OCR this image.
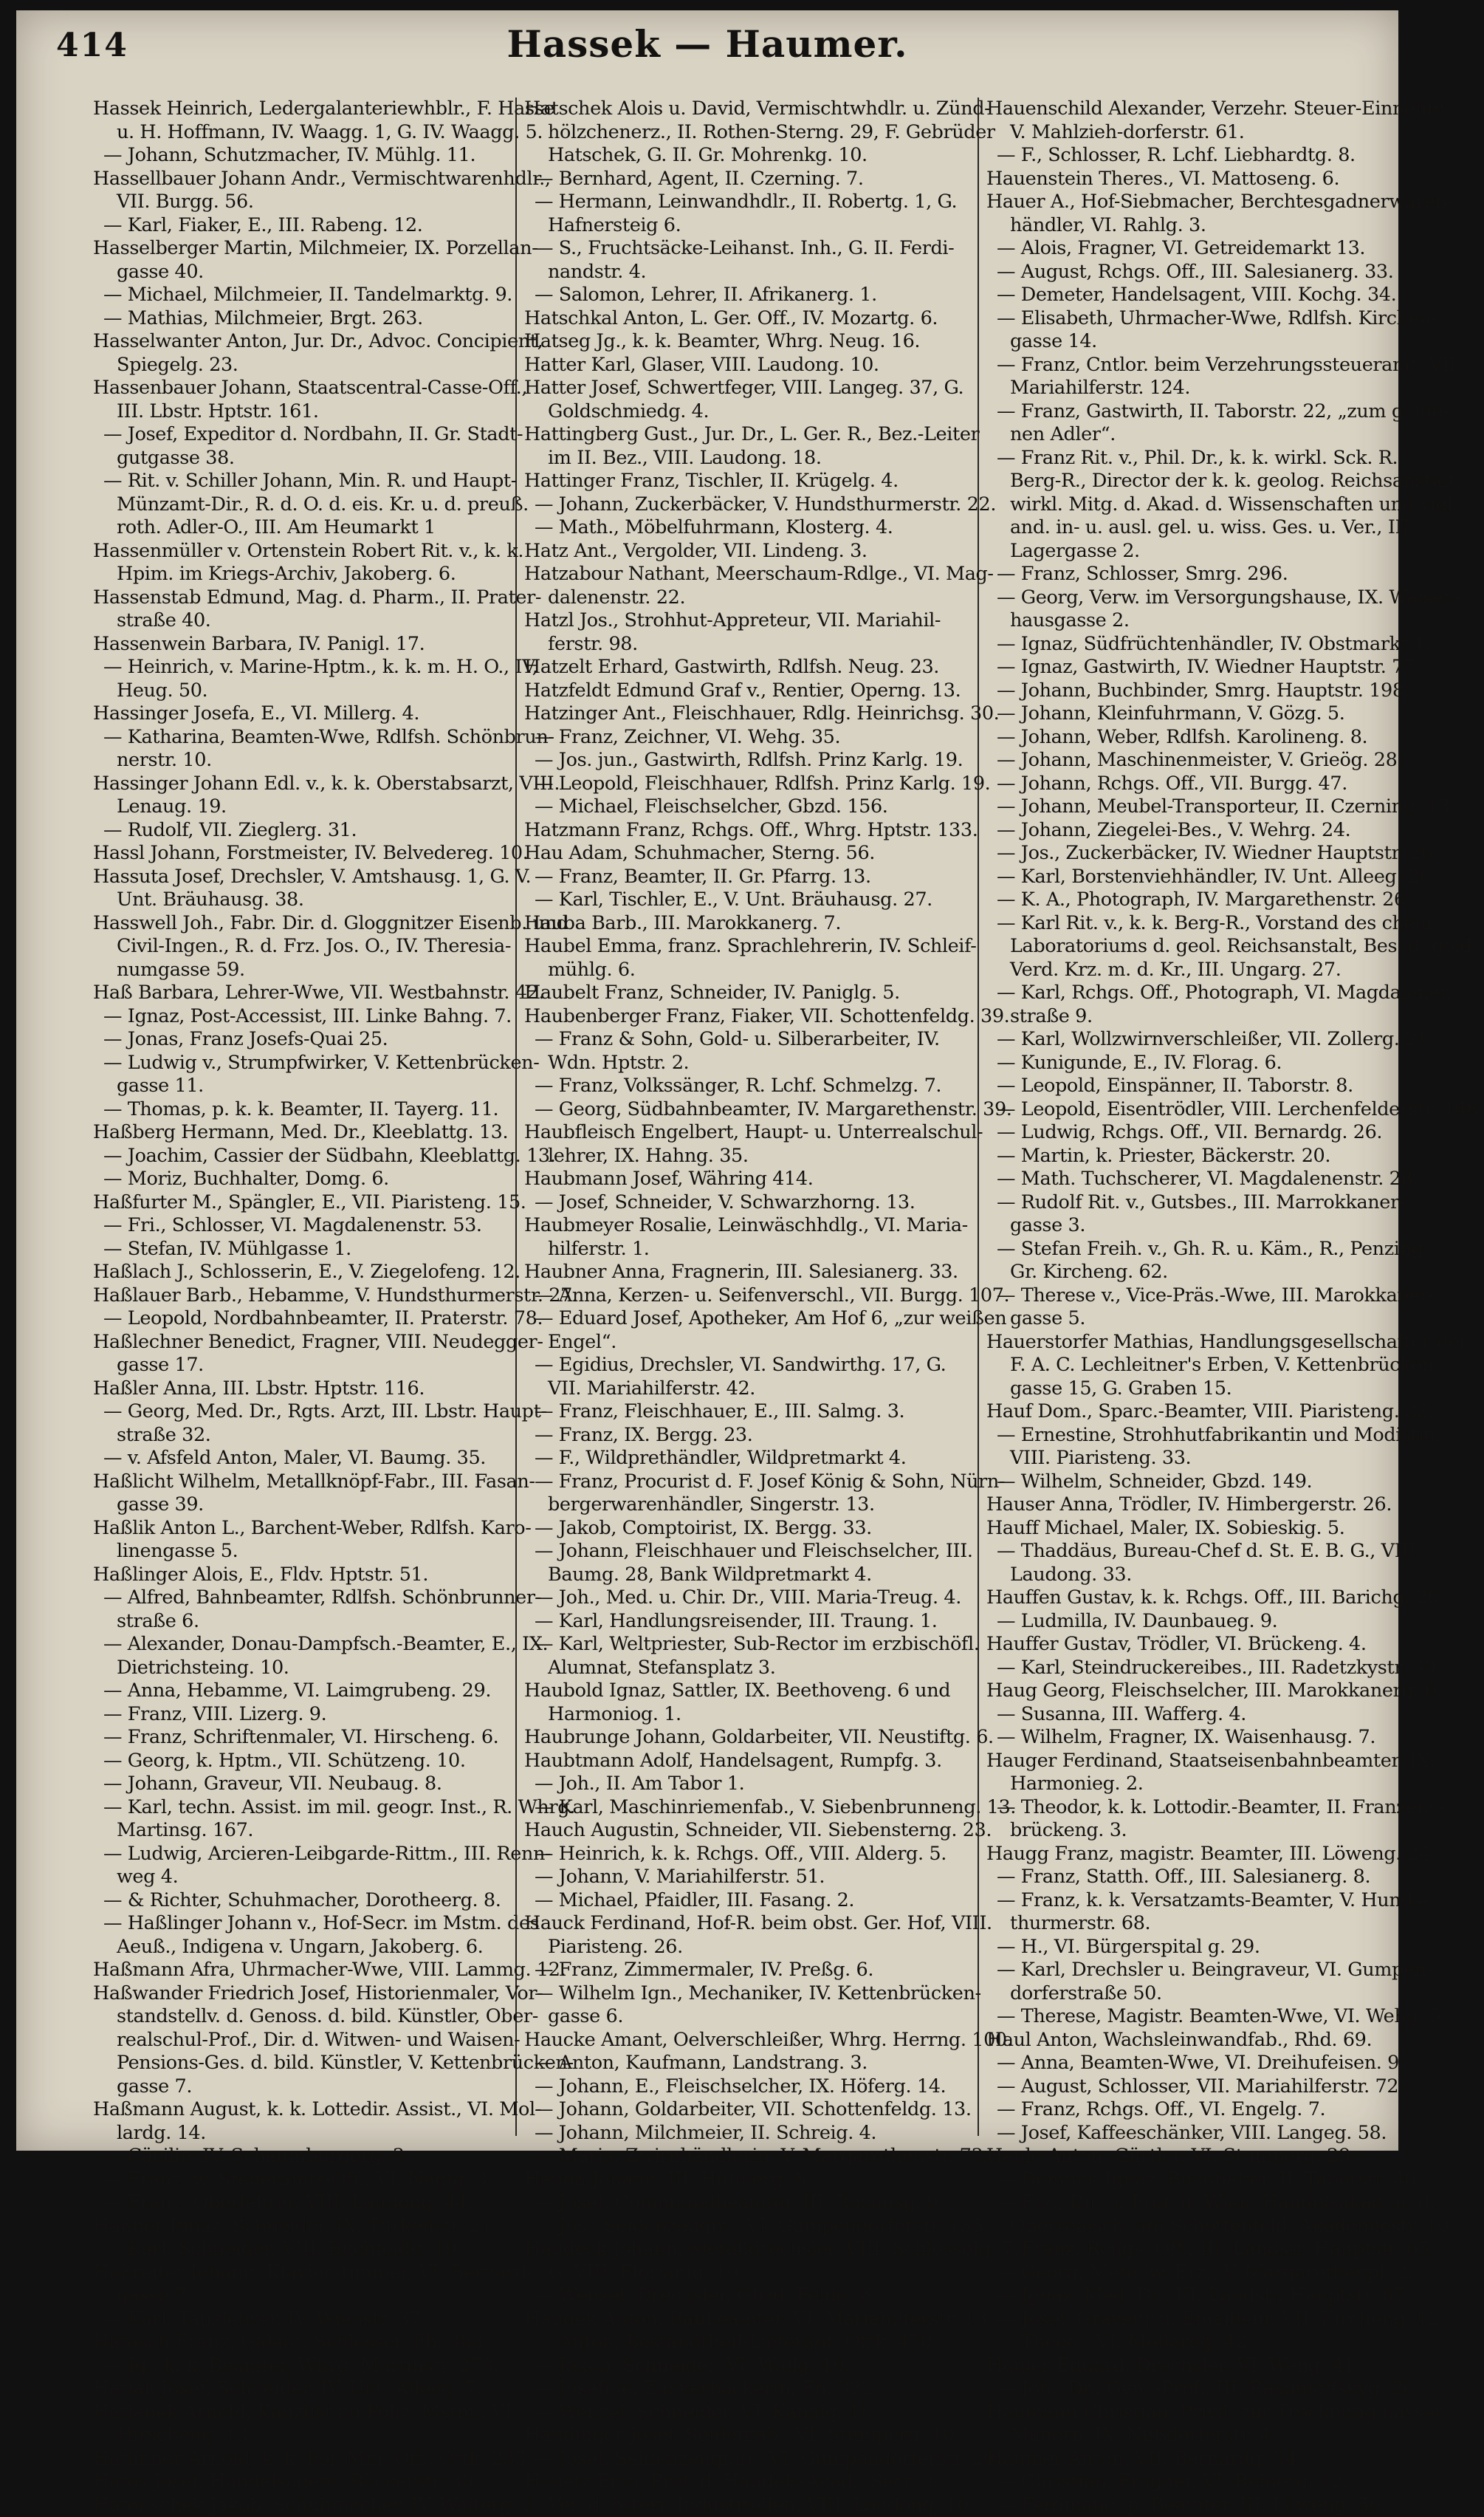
414	Hassek — Haumer.
Hassek Heinrich, Ledergalanteriewhblr., F. Hasse
u. H. Hoffmann, IV. Waagg. 1, G. IV. Waagg. 5.
— Johann, Schutzmacher, IV. Mühlg. 11.
Hassellbauer Johann Andr., Vermischtwarenhdlr.,
VII. Burgg. 56.
— Karl, Fiaker, E., III. Rabeng. 12.
Hasselberger Martin, Milchmeier, IX. Porzellan-
gasse 40.
— Michael, Milchmeier, II. Tandelmarktg. 9.
— Mathias, Milchmeier, Brgt. 263.
Hasselwanter Anton, Jur. Dr., Advoc. Concipient,
Spiegelg. 23.
Hassenbauer Johann, Staatscentral-Casse-Off.,
III. Lbstr. Hptstr. 161.
— Josef, Expeditor d. Nordbahn, II. Gr. Stadt-
gutgasse 38.
— Rit. v. Schiller Johann, Min. R. und Haupt-
Münzamt-Dir., R. d. O. d. eis. Kr. u. d. preuß.
roth. Adler-O., III. Am Heumarkt 1
Hassenmüller v. Ortenstein Robert Rit. v., k. k.
Hpim. im Kriegs-Archiv, Jakoberg. 6.
Hassenstab Edmund, Mag. d. Pharm., II. Prater-
straße 40.
Hassenwein Barbara, IV. Panigl. 17.
— Heinrich, v. Marine-Hptm., k. k. m. H. O., IV,
Heug. 50.
Hassinger Josefa, E., VI. Millerg. 4.
— Katharina, Beamten-Wwe, Rdlfsh. Schönbrun-
nerstr. 10.
Hassinger Johann Edl. v., k. k. Oberstabsarzt, VIII.
Lenaug. 19.
— Rudolf, VII. Zieglerg. 31.
Hassl Johann, Forstmeister, IV. Belvedereg. 10.
Hassuta Josef, Drechsler, V. Amtshausg. 1, G. V.
Unt. Bräuhausg. 38.
Hasswell Joh., Fabr. Dir. d. Gloggnitzer Eisenb. und
Civil-Ingen., R. d. Frz. Jos. O., IV. Theresia-
numgasse 59.
Haß Barbara, Lehrer-Wwe, VII. Westbahnstr. 42.
— Ignaz, Post-Accessist, III. Linke Bahng. 7.
— Jonas, Franz Josefs-Quai 25.
— Ludwig v., Strumpfwirker, V. Kettenbrücken-
gasse 11.
— Thomas, p. k. k. Beamter, II. Tayerg. 11.
Haßberg Hermann, Med. Dr., Kleeblattg. 13.
— Joachim, Cassier der Südbahn, Kleeblattg. 13.
— Moriz, Buchhalter, Domg. 6.
Haßfurter M., Spängler, E., VII. Piaristeng. 15.
— Fri., Schlosser, VI. Magdalenenstr. 53.
— Stefan, IV. Mühlgasse 1.
Haßlach J., Schlosserin, E., V. Ziegelofeng. 12.
Haßlauer Barb., Hebamme, V. Hundsthurmerstr. 27.
— Leopold, Nordbahnbeamter, II. Praterstr. 78.
Haßlechner Benedict, Fragner, VIII. Neudegger-
gasse 17.
Haßler Anna, III. Lbstr. Hptstr. 116.
— Georg, Med. Dr., Rgts. Arzt, III. Lbstr. Haupt-
straße 32.
— v. Afsfeld Anton, Maler, VI. Baumg. 35.
Haßlicht Wilhelm, Metallknöpf-Fabr., III. Fasan-
gasse 39.
Haßlik Anton L., Barchent-Weber, Rdlfsh. Karo-
linengasse 5.
Haßlinger Alois, E., Fldv. Hptstr. 51.
— Alfred, Bahnbeamter, Rdlfsh. Schönbrunner-
straße 6.
— Alexander, Donau-Dampfsch.-Beamter, E., IX.
Dietrichsteing. 10.
— Anna, Hebamme, VI. Laimgrubeng. 29.
— Franz, VIII. Lizerg. 9.
— Franz, Schriftenmaler, VI. Hirscheng. 6.
— Georg, k. Hptm., VII. Schützeng. 10.
— Johann, Graveur, VII. Neubaug. 8.
— Karl, techn. Assist. im mil. geogr. Inst., R. Whrg.
Martinsg. 167.
— Ludwig, Arcieren-Leibgarde-Rittm., III. Renn-
weg 4.
— & Richter, Schuhmacher, Dorotheerg. 8.
— Haßlinger Johann v., Hof-Secr. im Mstm. des
Aeuß., Indigena v. Ungarn, Jakoberg. 6.
Haßmann Afra, Uhrmacher-Wwe, VIII. Lammg. 12.
Haßwander Friedrich Josef, Historienmaler, Vor-
standstellv. d. Genoss. d. bild. Künstler, Ober-
realschul-Prof., Dir. d. Witwen- und Waisen-
Pensions-Ges. d. bild. Künstler, V. Kettenbrücken-
gasse 7.
Haßmann August, k. k. Lottedir. Assist., VI. Mol-
lardg. 14.
— Cäcilie, IV. Schaumburgerg. 3.
— Franz, w. Steueramts-Off., VI. Naglg. 3.
— Franz, Oberlehrer, VIII. Laudong. 44.
Haßner Ignaz, Schneider, IX. Türkenstr. 21.
— Karl, Schneider, VIII. Buchfeldg. 19.
Haßreiter Johann, Klavierstimmer, VI. Bernard-
gasse 7.
— Karl, Tanzlehrer, IV. Wienstr. 37.
Hatasch Franz, Galant. Schlosser, Fh. 383.
— Ig., k. k. Beamter, Whrg. Martinstr. 273.
Hatlak Josef, Schneider, IV. Unt. Alleeg. 7.
Hatlanek Arnold, Kanzlist im Poliz. Mstm., VI.
Hirscheng. 13.
Hatlinner Arnold, k. k. Pol. Min. Off., Ottk. 233.
Hatos Josef, Handelsagent, Bäckerstr. 30.
Hatonschek Jakob, Schuhmacher, IV. Walterg. 3.
Hatschek Alois u. David, Vermischtwhdlr. u. Zünd-
hölzchenerz., II. Rothen-Sterng. 29, F. Gebrüder
Hatschek, G. II. Gr. Mohrenkg. 10.
— Bernhard, Agent, II. Czerning. 7.
— Hermann, Leinwandhdlr., II. Robertg. 1, G.
Hafnersteig 6.
— S., Fruchtsäcke-Leihanst. Inh., G. II. Ferdi-
nandstr. 4.
— Salomon, Lehrer, II. Afrikanerg. 1.
Hatschkal Anton, L. Ger. Off., IV. Mozartg. 6.
Hatseg Jg., k. k. Beamter, Whrg. Neug. 16.
Hatter Karl, Glaser, VIII. Laudong. 10.
Hatter Josef, Schwertfeger, VIII. Langeg. 37, G.
Goldschmiedg. 4.
Hattingberg Gust., Jur. Dr., L. Ger. R., Bez.-Leiter
im II. Bez., VIII. Laudong. 18.
Hattinger Franz, Tischler, II. Krügelg. 4.
— Johann, Zuckerbäcker, V. Hundsthurmerstr. 22.
— Math., Möbelfuhrmann, Klosterg. 4.
Hatz Ant., Vergolder, VII. Lindeng. 3.
Hatzabour Nathant, Meerschaum-Rdlge., VI. Mag-
dalenenstr. 22.
Hatzl Jos., Strohhut-Appreteur, VII. Mariahil-
ferstr. 98.
Hatzelt Erhard, Gastwirth, Rdlfsh. Neug. 23.
Hatzfeldt Edmund Graf v., Rentier, Operng. 13.
Hatzinger Ant., Fleischhauer, Rdlg. Heinrichsg. 30.
— Franz, Zeichner, VI. Wehg. 35.
— Jos. jun., Gastwirth, Rdlfsh. Prinz Karlg. 19.
— Leopold, Fleischhauer, Rdlfsh. Prinz Karlg. 19.
— Michael, Fleischselcher, Gbzd. 156.
Hatzmann Franz, Rchgs. Off., Whrg. Hptstr. 133.
Hau Adam, Schuhmacher, Sterng. 56.
— Franz, Beamter, II. Gr. Pfarrg. 13.
— Karl, Tischler, E., V. Unt. Bräuhausg. 27.
Hauba Barb., III. Marokkanerg. 7.
Haubel Emma, franz. Sprachlehrerin, IV. Schleif-
mühlg. 6.
Haubelt Franz, Schneider, IV. Paniglg. 5.
Haubenberger Franz, Fiaker, VII. Schottenfeldg. 39.
— Franz & Sohn, Gold- u. Silberarbeiter, IV.
Wdn. Hptstr. 2.
— Franz, Volkssänger, R. Lchf. Schmelzg. 7.
— Georg, Südbahnbeamter, IV. Margarethenstr. 39.
Haubfleisch Engelbert, Haupt- u. Unterrealschul-
lehrer, IX. Hahng. 35.
Haubmann Josef, Währing 414.
— Josef, Schneider, V. Schwarzhorng. 13.
Haubmeyer Rosalie, Leinwäschhdlg., VI. Maria-
hilferstr. 1.
Haubner Anna, Fragnerin, III. Salesianerg. 33.
— Anna, Kerzen- u. Seifenverschl., VII. Burgg. 107.
— Eduard Josef, Apotheker, Am Hof 6, „zur weißen
Engel“.
— Egidius, Drechsler, VI. Sandwirthg. 17, G.
VII. Mariahilferstr. 42.
— Franz, Fleischhauer, E., III. Salmg. 3.
— Franz, IX. Bergg. 23.
— F., Wildprethändler, Wildpretmarkt 4.
— Franz, Procurist d. F. Josef König & Sohn, Nürn-
bergerwarenhändler, Singerstr. 13.
— Jakob, Comptoirist, IX. Bergg. 33.
— Johann, Fleischhauer und Fleischselcher, III.
Baumg. 28, Bank Wildpretmarkt 4.
— Joh., Med. u. Chir. Dr., VIII. Maria-Treug. 4.
— Karl, Handlungsreisender, III. Traung. 1.
— Karl, Weltpriester, Sub-Rector im erzbischöfl.
Alumnat, Stefansplatz 3.
Haubold Ignaz, Sattler, IX. Beethoveng. 6 und
Harmoniog. 1.
Haubrunge Johann, Goldarbeiter, VII. Neustiftg. 6.
Haubtmann Adolf, Handelsagent, Rumpfg. 3.
— Joh., II. Am Tabor 1.
— Karl, Maschinriemenfab., V. Siebenbrunneng. 13.
Hauch Augustin, Schneider, VII. Siebensterng. 23.
— Heinrich, k. k. Rchgs. Off., VIII. Alderg. 5.
— Johann, V. Mariahilferstr. 51.
— Michael, Pfaidler, III. Fasang. 2.
Hauck Ferdinand, Hof-R. beim obst. Ger. Hof, VIII.
Piaristeng. 26.
— Franz, Zimmermaler, IV. Preßg. 6.
— Wilhelm Ign., Mechaniker, IV. Kettenbrücken-
gasse 6.
Haucke Amant, Oelverschleißer, Whrg. Herrng. 100.
— Anton, Kaufmann, Landstrang. 3.
— Johann, E., Fleischselcher, IX. Höferg. 14.
— Johann, Goldarbeiter, VII. Schottenfeldg. 13.
— Johann, Milchmeier, II. Schreig. 4.
— Maria, Zwirnhändlerin, V. Margarethenstr. 73.
Hauda Johann, III. Hühnerg. 8.
— Josef, Communalbeamter, III. Rochusg. 9.
— Jos., Seidenzeugm., VI. Gumpendorferstr. 135.
Haudeck Johann, Metalldrechsler, VIII. Schlösselg. 7,
G. VIII. Florianig. 10.
— Wenzel, Drechsler, Gbzd. Feldg. 6.
Haudek Anton, Baubeamter, VI. Mariahilferstr. 13.
— Anton, Bestandtheil-Lieferant, Ottk. 470.
— Jakob, Schneider, VI. Wallg. 19.
— Josefine, Zuckerbäckerin, Fh. 322.
— Wenzel, Schneider, VI. Kanalg. 16.
Haudinger Josef, Seidenfab., VI. Stumperg. 10.
— Josef, Seidenzeugfab., VI. Gumpendorferstr. 20.
Hauetz Emil, Prof. d. Handels-Akad., Secr. d.
Ver. d. österr. Industriellen, VIII. Laudong. 10.
Hauenschild Alexander, Verzehr. Steuer-Einnehm.,
V. Mahlzieh-dorferstr. 61.
— F., Schlosser, R. Lchf. Liebhardtg. 8.
Hauenstein Theres., VI. Mattoseng. 6.
Hauer A., Hof-Siebmacher, Berchtesgadnerwaren-
händler, VI. Rahlg. 3.
— Alois, Fragner, VI. Getreidemarkt 13.
— August, Rchgs. Off., III. Salesianerg. 33.
— Demeter, Handelsagent, VIII. Kochg. 34.
— Elisabeth, Uhrmacher-Wwe, Rdlfsh. Kirchen-
gasse 14.
— Franz, Cntlor. beim Verzehrungssteueramt, VII.
Mariahilferstr. 124.
— Franz, Gastwirth, II. Taborstr. 22, „zum golde-
nen Adler“.
— Franz Rit. v., Phil. Dr., k. k. wirkl. Sck. R.,
Berg-R., Director der k. k. geolog. Reichsanstalt,
wirkl. Mitg. d. Akad. d. Wissenschaften und viel.
and. in- u. ausl. gel. u. wiss. Ges. u. Ver., III.
Lagergasse 2.
— Franz, Schlosser, Smrg. 296.
— Georg, Verw. im Versorgungshause, IX. Waisen-
hausgasse 2.
— Ignaz, Südfrüchtenhändler, IV. Obstmarkt 1.
— Ignaz, Gastwirth, IV. Wiedner Hauptstr. 77.
— Johann, Buchbinder, Smrg. Hauptstr. 198.
— Johann, Kleinfuhrmann, V. Gözg. 5.
— Johann, Weber, Rdlfsh. Karolineng. 8.
— Johann, Maschinenmeister, V. Grieög. 28.
— Johann, Rchgs. Off., VII. Burgg. 47.
— Johann, Meubel-Transporteur, II. Czerning. 13.
— Johann, Ziegelei-Bes., V. Wehrg. 24.
— Jos., Zuckerbäcker, IV. Wiedner Hauptstr. 26.
— Karl, Borstenviehhändler, IV. Unt. Alleeg. 26.
— K. A., Photograph, IV. Margarethenstr. 26.
— Karl Rit. v., k. k. Berg-R., Vorstand des chem.
Laboratoriums d. geol. Reichsanstalt, Bes. d. gold.
Verd. Krz. m. d. Kr., III. Ungarg. 27.
— Karl, Rchgs. Off., Photograph, VI. Magdalenen-
straße 9.
— Karl, Wollzwirnverschleißer, VII. Zollerg. 21.
— Kunigunde, E., IV. Florag. 6.
— Leopold, Einspänner, II. Taborstr. 8.
— Leopold, Eisentrödler, VIII. Lerchenfelderstr. 148.
— Ludwig, Rchgs. Off., VII. Bernardg. 26.
— Martin, k. Priester, Bäckerstr. 20.
— Math. Tuchscherer, VI. Magdalenenstr. 28.
— Rudolf Rit. v., Gutsbes., III. Marrokkaner-
gasse 3.
— Stefan Freih. v., Gh. R. u. Käm., R., Penzing
Gr. Kircheng. 62.
— Therese v., Vice-Präs.-Wwe, III. Marokkaner-
gasse 5.
Hauerstorfer Mathias, Handlungsgesellschafter der
F. A. C. Lechleitner's Erben, V. Kettenbrücken-
gasse 15, G. Graben 15.
Hauf Dom., Sparc.-Beamter, VIII. Piaristeng. 33.
— Ernestine, Strohhutfabrikantin und Modistin,
VIII. Piaristeng. 33.
— Wilhelm, Schneider, Gbzd. 149.
Hauser Anna, Trödler, IV. Himbergerstr. 26.
Hauff Michael, Maler, IX. Sobieskig. 5.
— Thaddäus, Bureau-Chef d. St. E. B. G., VIII.
Laudong. 33.
Hauffen Gustav, k. k. Rchgs. Off., III. Barichg. 20.
— Ludmilla, IV. Daunbaueg. 9.
Hauffer Gustav, Trödler, VI. Brückeng. 4.
— Karl, Steindruckereibes., III. Radetzkystr. 30.
Haug Georg, Fleischselcher, III. Marokkanerg. 6.
— Susanna, III. Wafferg. 4.
— Wilhelm, Fragner, IX. Waisenhausg. 7.
Hauger Ferdinand, Staatseisenbahnbeamter, IX.
Harmonieg. 2.
— Theodor, k. k. Lottodir.-Beamter, II. Franzens-
brückeng. 3.
Haugg Franz, magistr. Beamter, III. Löweng. 24.
— Franz, Statth. Off., III. Salesianerg. 8.
— Franz, k. k. Versatzamts-Beamter, V. Hunds-
thurmerstr. 68.
— H., VI. Bürgerspital g. 29.
— Karl, Drechsler u. Beingraveur, VI. Gumpen-
dorferstraße 50.
— Therese, Magistr. Beamten-Wwe, VI. Wehg. 5.
Haul Anton, Wachsleinwandfab., Rhd. 69.
— Anna, Beamten-Wwe, VI. Dreihufeisen. 9.
— August, Schlosser, VII. Mariahilferstr. 72.
— Franz, Rchgs. Off., VI. Engelg. 7.
— Josef, Kaffeeschänker, VIII. Langeg. 58.
Haule Anton, Gürtler, VI. Stumperg. 29.
— Dominik Ignaz, Buchhalter, II. Taborstr. 46.
— Frz., Dir. u. Prof. d. Wien. Handelsakad. u. d.
Oberrealsch. am Schottenfeld, Akademiestr. 10.
— Franz, Rchgs. Off., III. Landstr. Hauptstr. 65.
— Georg, Metallw.-Erz., V. Margarethenpl. 2.
— Ignaz, Med. Dr., III. Landstr. Hauptstr. 67.
— Josef, Graveur u. Emailleur, VII. Kircheng. 12.
— Theod., VI. Mollardg. 42.
Hauler Eduard, Drechsler, VI. Wehg. 41.
— Joh., Dr., Gym.-Prof., III. Rasumoffskyg. 20.
Haumann Christian, Privil. zur Trocknung nasser
Mauern, IX. Nußdorferstr. 4.
Haumer Anton, VII. Bernardg. 34.
— Christian, Fragner, VI. Reinerg. 12.
— Ferdinand, p. Beamter, III. Löweng. 50.
